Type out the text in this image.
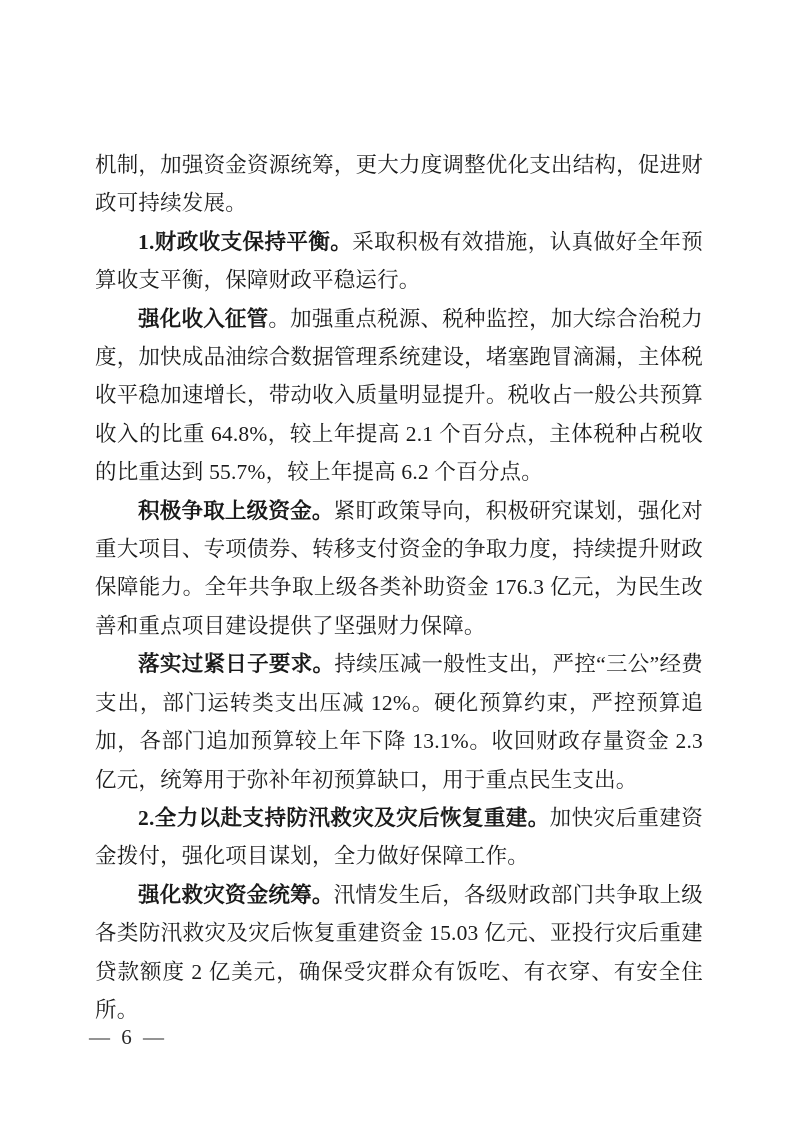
机制，加强资金资源统筹，更大力度调整优化支出结构，促进财政可持续发展。

1.财政收支保持平衡。采取积极有效措施，认真做好全年预算收支平衡，保障财政平稳运行。

强化收入征管。加强重点税源、税种监控，加大综合治税力度，加快成品油综合数据管理系统建设，堵塞跑冒滴漏，主体税收平稳加速增长，带动收入质量明显提升。税收占一般公共预算收入的比重 64.8%，较上年提高 2.1 个百分点，主体税种占税收的比重达到 55.7%，较上年提高 6.2 个百分点。

积极争取上级资金。紧盯政策导向，积极研究谋划，强化对重大项目、专项债券、转移支付资金的争取力度，持续提升财政保障能力。全年共争取上级各类补助资金 176.3 亿元，为民生改善和重点项目建设提供了坚强财力保障。

落实过紧日子要求。持续压减一般性支出，严控“三公”经费支出，部门运转类支出压减 12%。硬化预算约束，严控预算追加，各部门追加预算较上年下降 13.1%。收回财政存量资金 2.3 亿元，统筹用于弥补年初预算缺口，用于重点民生支出。

2.全力以赴支持防汛救灾及灾后恢复重建。加快灾后重建资金拨付，强化项目谋划，全力做好保障工作。

强化救灾资金统筹。汛情发生后，各级财政部门共争取上级各类防汛救灾及灾后恢复重建资金 15.03 亿元、亚投行灾后重建贷款额度 2 亿美元，确保受灾群众有饭吃、有衣穿、有安全住所。

— 6 —
